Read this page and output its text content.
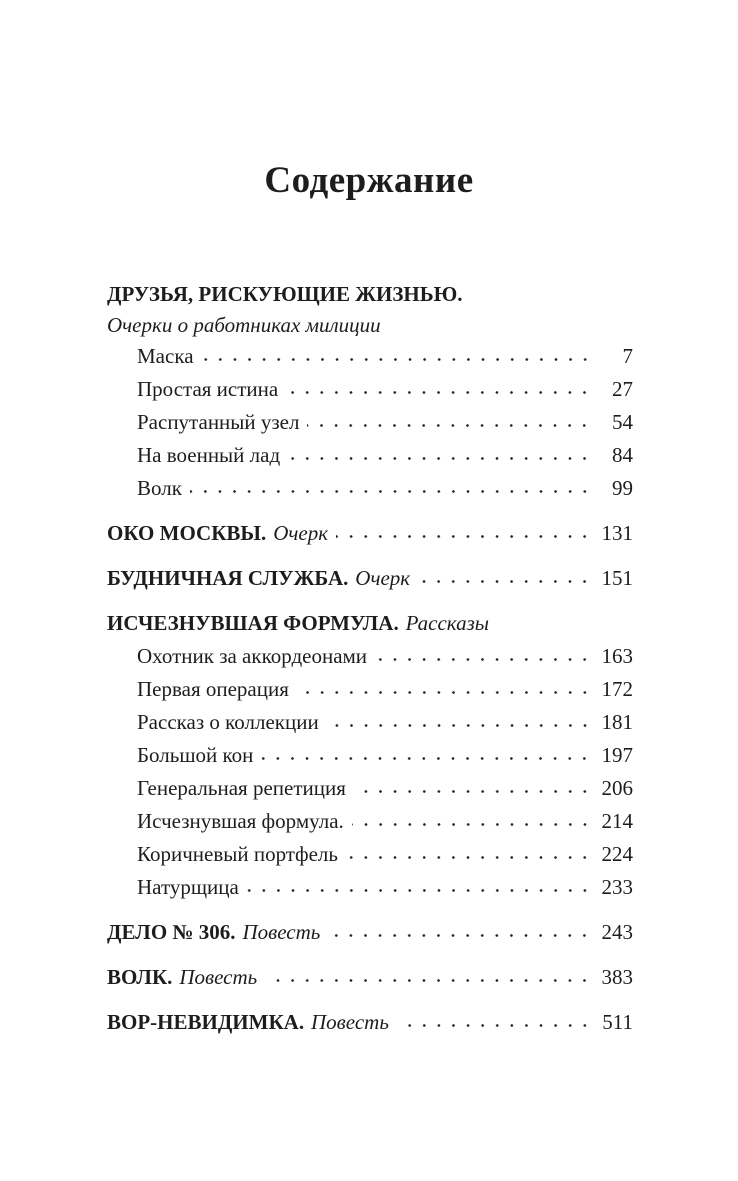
Содержание
ДРУЗЬЯ, РИСКУЮЩИЕ ЖИЗНЬЮ.
Очерки о работниках милиции
Маска	7
Простая истина	27
Распутанный узел	54
На военный лад	84
Волк	99
ОКО МОСКВЫ. Очерк	131
БУДНИЧНАЯ СЛУЖБА. Очерк	151
ИСЧЕЗНУВШАЯ ФОРМУЛА. Рассказы
Охотник за аккордеонами	163
Первая операция	172
Рассказ о коллекции	181
Большой кон	197
Генеральная репетиция	206
Исчезнувшая формула.	214
Коричневый портфель	224
Натурщица	233
ДЕЛО № 306. Повесть	243
ВОЛК. Повесть	383
ВОР-НЕВИДИМКА. Повесть	511
